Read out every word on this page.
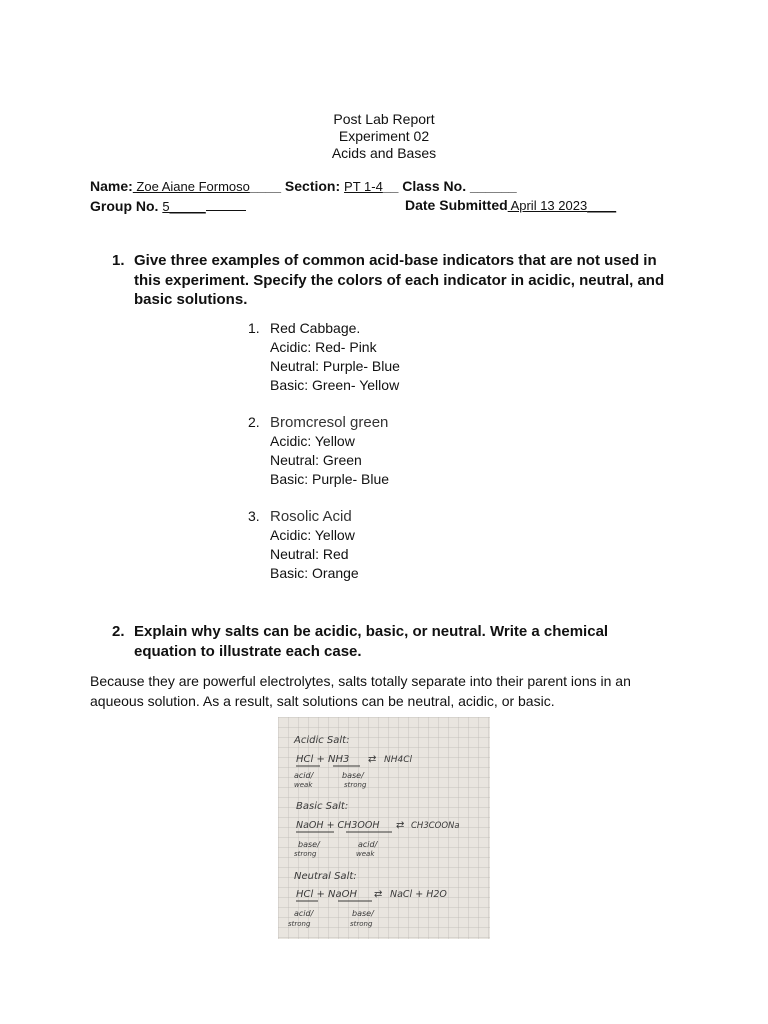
Post Lab Report
Experiment 02
Acids and Bases
Name: Zoe Aiane Formoso____ Section: PT 1-4__ Class No. ______
Group No. 5_____	Date Submitted April 13 2023____
1. Give three examples of common acid-base indicators that are not used in this experiment. Specify the colors of each indicator in acidic, neutral, and basic solutions.
1. Red Cabbage.
Acidic: Red- Pink
Neutral: Purple- Blue
Basic: Green- Yellow
2. Bromcresol green
Acidic: Yellow
Neutral: Green
Basic: Purple- Blue
3. Rosolic Acid
Acidic: Yellow
Neutral: Red
Basic: Orange
2. Explain why salts can be acidic, basic, or neutral. Write a chemical equation to illustrate each case.
Because they are powerful electrolytes, salts totally separate into their parent ions in an aqueous solution. As a result, salt solutions can be neutral, acidic, or basic.
Acidic Salt:
HCl + NH3 ⇄ NH4Cl
acid/
weak
base/
strong
Basic Salt:
NaOH + CH3OOH ⇄ CH3COONa
base/
strong
acid/
weak
Neutral Salt:
HCl + NaOH ⇄ NaCl + H2O
acid/
strong
base/
strong
